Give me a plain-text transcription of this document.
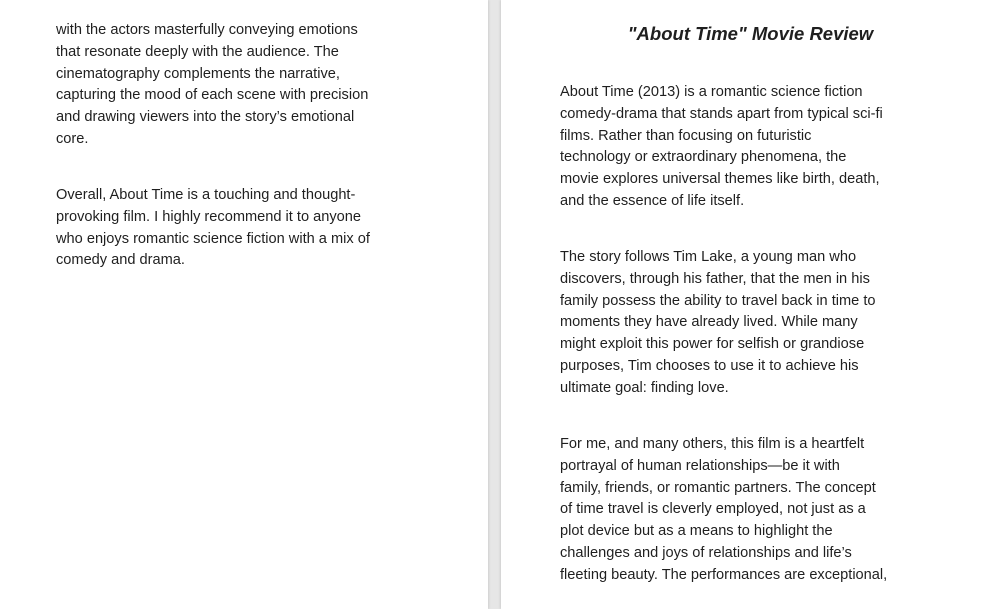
with the actors masterfully conveying emotions
that resonate deeply with the audience. The
cinematography complements the narrative,
capturing the mood of each scene with precision
and drawing viewers into the story’s emotional
core.
Overall, About Time is a touching and thought-
provoking film. I highly recommend it to anyone
who enjoys romantic science fiction with a mix of
comedy and drama.
"About Time" Movie Review
About Time (2013) is a romantic science fiction
comedy-drama that stands apart from typical sci-fi
films. Rather than focusing on futuristic
technology or extraordinary phenomena, the
movie explores universal themes like birth, death,
and the essence of life itself.
The story follows Tim Lake, a young man who
discovers, through his father, that the men in his
family possess the ability to travel back in time to
moments they have already lived. While many
might exploit this power for selfish or grandiose
purposes, Tim chooses to use it to achieve his
ultimate goal: finding love.
For me, and many others, this film is a heartfelt
portrayal of human relationships—be it with
family, friends, or romantic partners. The concept
of time travel is cleverly employed, not just as a
plot device but as a means to highlight the
challenges and joys of relationships and life’s
fleeting beauty. The performances are exceptional,
